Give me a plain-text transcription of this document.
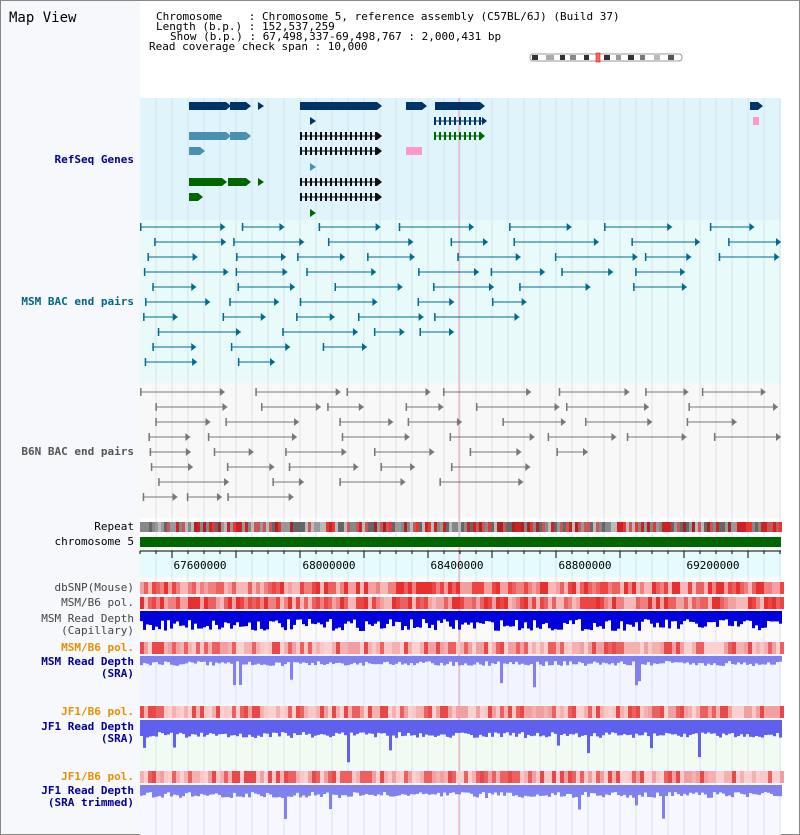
Map View	Chromosome    : Chromosome 5, reference assembly (C57BL/6J) (Build 37)
Length (b.p.) : 152,537,259
Show (b.p.) : 67,498,337-69,498,767 : 2,000,431 bp
Read coverage check span : 10,000
67600000	68000000	68400000	68800000	69200000
RefSeq Genes
MSM BAC end pairs
B6N BAC end pairs
Repeat
chromosome 5
dbSNP(Mouse)
MSM/B6 pol.
MSM Read Depth
(Capillary)
MSM/B6 pol.
MSM Read Depth
(SRA)
JF1/B6 pol.
JF1 Read Depth
(SRA)
JF1/B6 pol.
JF1 Read Depth
(SRA trimmed)
